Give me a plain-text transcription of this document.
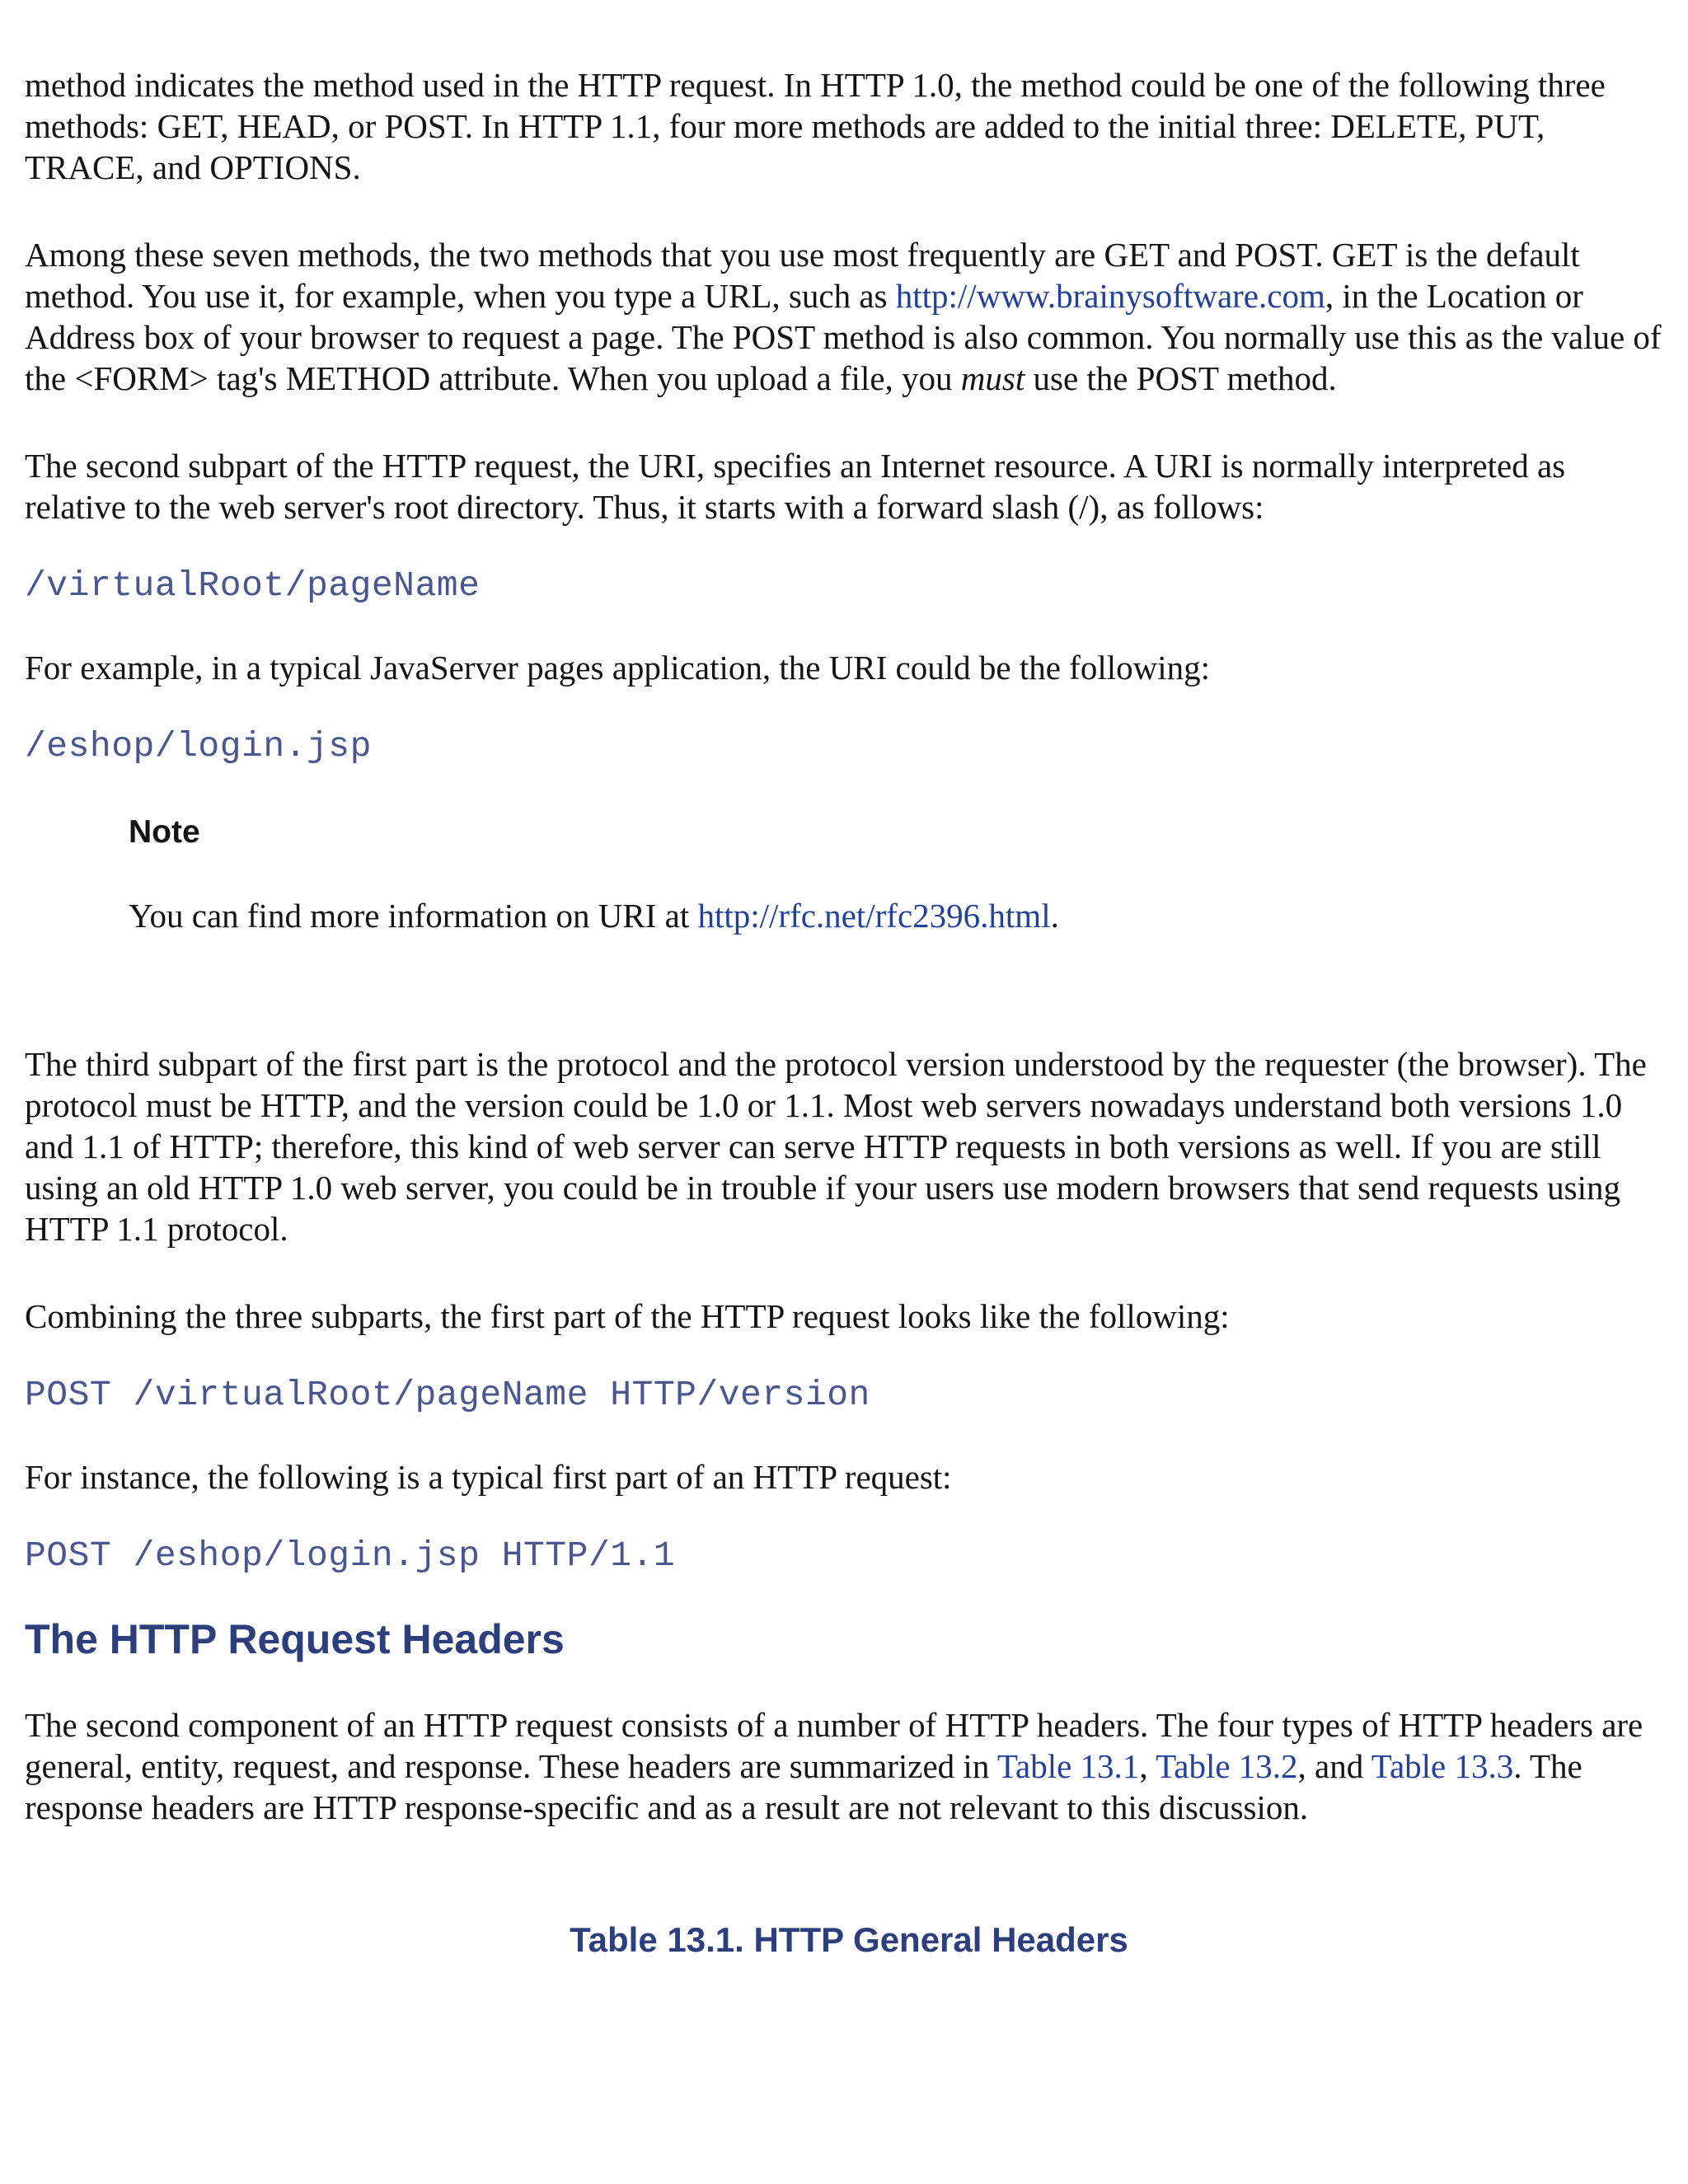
method indicates the method used in the HTTP request. In HTTP 1.0, the method could be one of the following three methods: GET, HEAD, or POST. In HTTP 1.1, four more methods are added to the initial three: DELETE, PUT, TRACE, and OPTIONS.

Among these seven methods, the two methods that you use most frequently are GET and POST. GET is the default method. You use it, for example, when you type a URL, such as http://www.brainysoftware.com, in the Location or Address box of your browser to request a page. The POST method is also common. You normally use this as the value of the <FORM> tag's METHOD attribute. When you upload a file, you must use the POST method.

The second subpart of the HTTP request, the URI, specifies an Internet resource. A URI is normally interpreted as relative to the web server's root directory. Thus, it starts with a forward slash (/), as follows:

/virtualRoot/pageName

For example, in a typical JavaServer pages application, the URI could be the following:

/eshop/login.jsp

Note

You can find more information on URI at http://rfc.net/rfc2396.html.

The third subpart of the first part is the protocol and the protocol version understood by the requester (the browser). The protocol must be HTTP, and the version could be 1.0 or 1.1. Most web servers nowadays understand both versions 1.0 and 1.1 of HTTP; therefore, this kind of web server can serve HTTP requests in both versions as well. If you are still using an old HTTP 1.0 web server, you could be in trouble if your users use modern browsers that send requests using HTTP 1.1 protocol.

Combining the three subparts, the first part of the HTTP request looks like the following:

POST /virtualRoot/pageName HTTP/version

For instance, the following is a typical first part of an HTTP request:

POST /eshop/login.jsp HTTP/1.1

The HTTP Request Headers

The second component of an HTTP request consists of a number of HTTP headers. The four types of HTTP headers are general, entity, request, and response. These headers are summarized in Table 13.1, Table 13.2, and Table 13.3. The response headers are HTTP response-specific and as a result are not relevant to this discussion.

Table 13.1. HTTP General Headers
